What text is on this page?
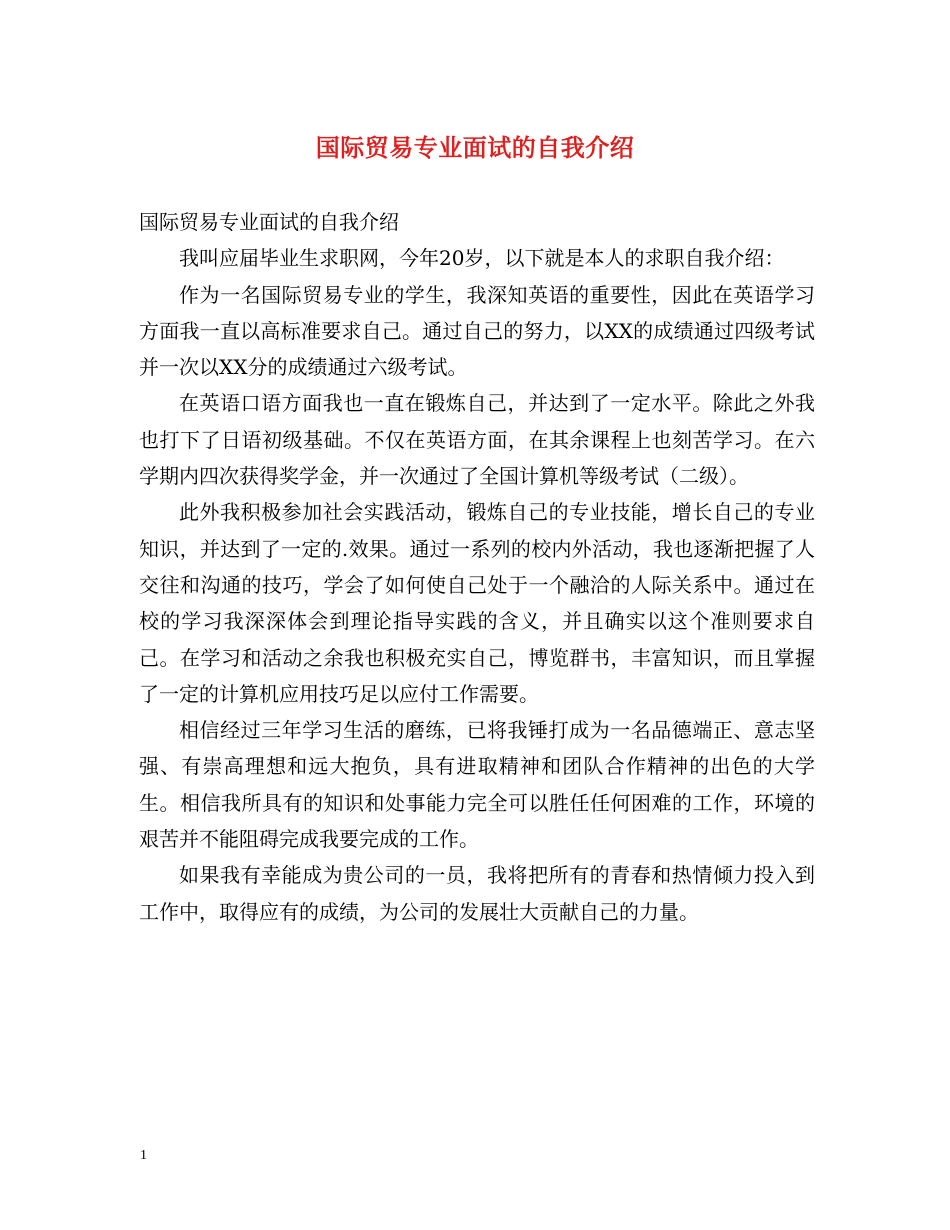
国际贸易专业面试的自我介绍

国际贸易专业面试的自我介绍

我叫应届毕业生求职网，今年20岁，以下就是本人的求职自我介绍：

作为一名国际贸易专业的学生，我深知英语的重要性，因此在英语学习方面我一直以高标准要求自己。通过自己的努力，以XX的成绩通过四级考试并一次以XX分的成绩通过六级考试。

在英语口语方面我也一直在锻炼自己，并达到了一定水平。除此之外我也打下了日语初级基础。不仅在英语方面，在其余课程上也刻苦学习。在六学期内四次获得奖学金，并一次通过了全国计算机等级考试（二级）。

此外我积极参加社会实践活动，锻炼自己的专业技能，增长自己的专业知识，并达到了一定的.效果。通过一系列的校内外活动，我也逐渐把握了人交往和沟通的技巧，学会了如何使自己处于一个融洽的人际关系中。通过在校的学习我深深体会到理论指导实践的含义，并且确实以这个准则要求自己。在学习和活动之余我也积极充实自己，博览群书，丰富知识，而且掌握了一定的计算机应用技巧足以应付工作需要。

相信经过三年学习生活的磨练，已将我锤打成为一名品德端正、意志坚强、有崇高理想和远大抱负，具有进取精神和团队合作精神的出色的大学生。相信我所具有的知识和处事能力完全可以胜任任何困难的工作，环境的艰苦并不能阻碍完成我要完成的工作。

如果我有幸能成为贵公司的一员，我将把所有的青春和热情倾力投入到工作中，取得应有的成绩，为公司的发展壮大贡献自己的力量。

1
